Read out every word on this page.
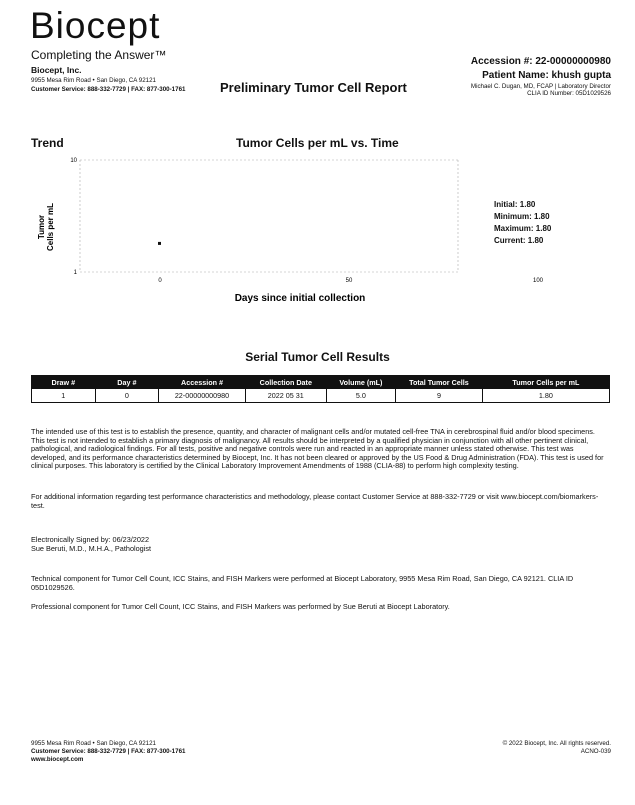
Biocept
Completing the Answer™
Biocept, Inc.
9955 Mesa Rim Road • San Diego, CA 92121
Customer Service: 888-332-7729 | FAX: 877-300-1761	Preliminary Tumor Cell Report
Accession #: 22-00000000980
Patient Name: khush gupta
Michael C. Dugan, MD, FCAP | Laboratory Director
CLIA ID Number: 05D1029526
Trend	Tumor Cells per mL vs. Time
1
10
0	50	100
Tumor Cells per mL
Days since initial collection
Initial: 1.80
Minimum: 1.80
Maximum: 1.80
Current: 1.80
Serial Tumor Cell Results
Draw #	Day #	Accession #	Collection Date	Volume (mL)	Total Tumor Cells	Tumor Cells per mL
1	0	22-00000000980	2022 05 31	5.0	9	1.80
The intended use of this test is to establish the presence, quantity, and character of malignant cells and/or mutated cell-free TNA in cerebrospinal fluid and/or blood specimens. This test is not intended to establish a primary diagnosis of malignancy. All results should be interpreted by a qualified physician in conjunction with all other pertinent clinical, pathological, and radiological findings. For all tests, positive and negative controls were run and reacted in an appropriate manner unless stated otherwise. This test was developed, and its performance characteristics determined by Biocept, Inc. It has not been cleared or approved by the US Food & Drug Administration (FDA). This test is used for clinical purposes. This laboratory is certified by the Clinical Laboratory Improvement Amendments of 1988 (CLIA-88) to perform high complexity testing.
For additional information regarding test performance characteristics and methodology, please contact Customer Service at 888-332-7729 or visit www.biocept.com/biomarkers-test.
Electronically Signed by: 06/23/2022
Sue Beruti, M.D., M.H.A., Pathologist
Technical component for Tumor Cell Count, ICC Stains, and FISH Markers were performed at Biocept Laboratory, 9955 Mesa Rim Road, San Diego, CA 92121. CLIA ID 05D1029526.
Professional component for Tumor Cell Count, ICC Stains, and FISH Markers was performed by Sue Beruti at Biocept Laboratory.
9955 Mesa Rim Road • San Diego, CA 92121
Customer Service: 888-332-7729 | FAX: 877-300-1761
www.biocept.com
© 2022 Biocept, Inc. All rights reserved.
ACNO-039
